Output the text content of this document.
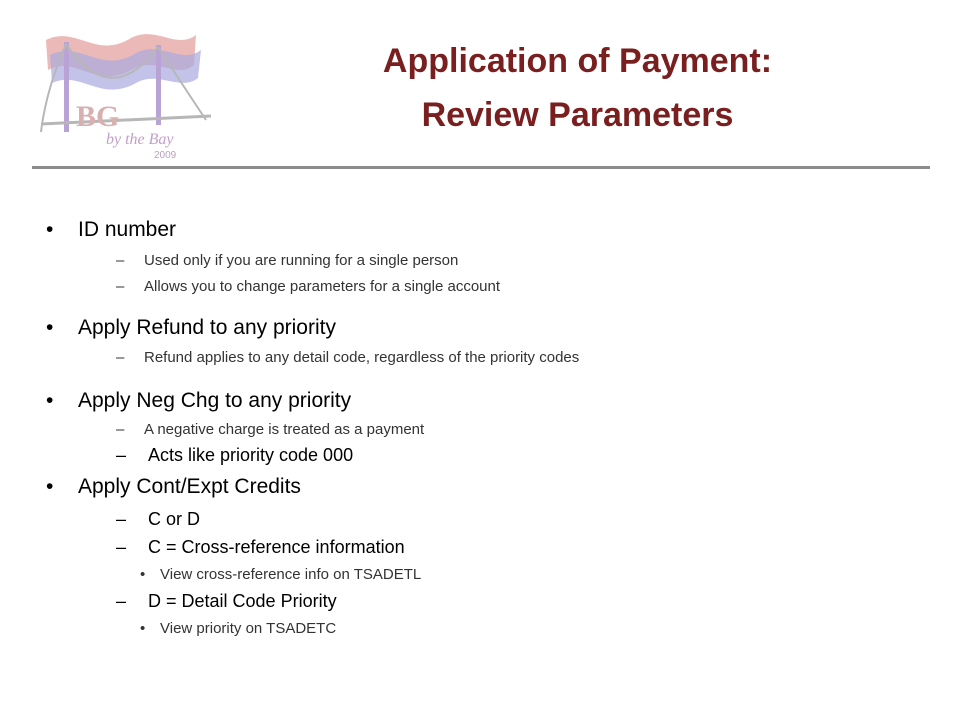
BG
by the Bay
2009
Application of Payment:
Review Parameters
• ID number
– Used only if you are running for a single person
– Allows you to change parameters for a single account
• Apply Refund to any priority
– Refund applies to any detail code, regardless of the priority codes
• Apply Neg Chg to any priority
– A negative charge is treated as a payment
– Acts like priority code 000
• Apply Cont/Expt Credits
– C or D
– C = Cross-reference information
• View cross-reference info on TSADETL
– D = Detail Code Priority
• View priority on TSADETC
